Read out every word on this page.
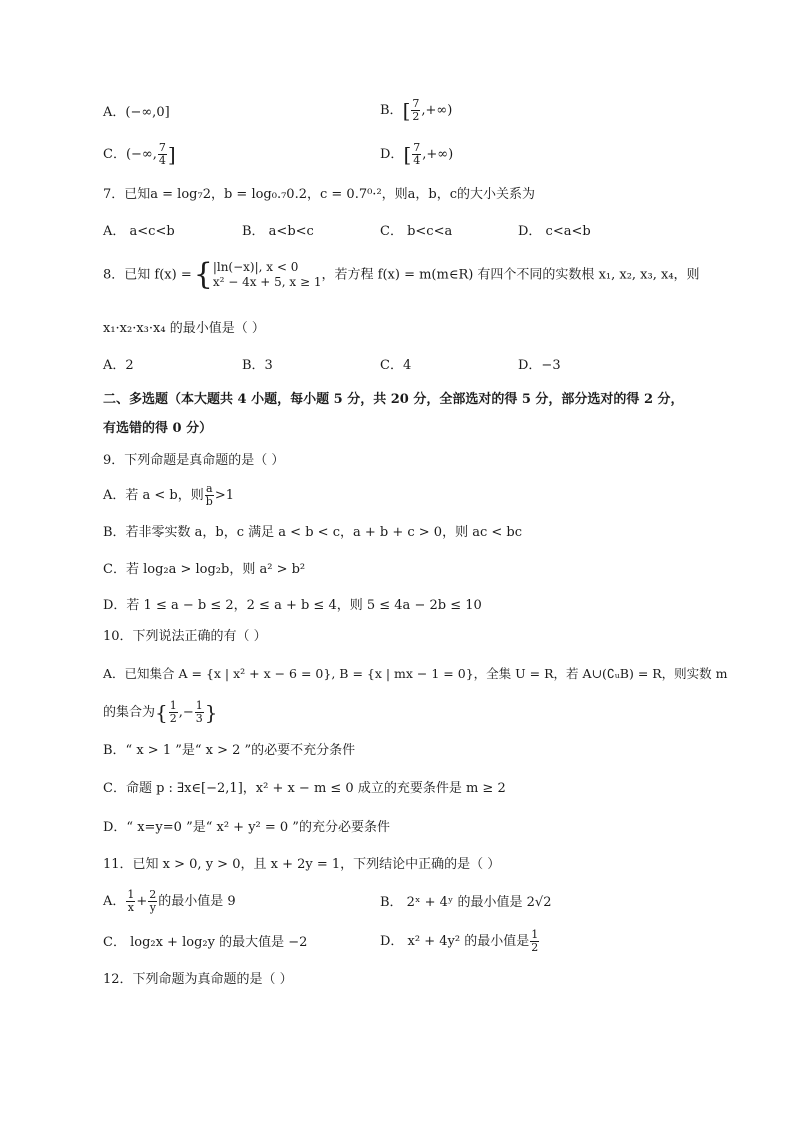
A．(−∞,0]	B．[ $\frac{7}{2}$ ,+∞)
C．(−∞, $\frac{7}{4}$ ]	D．[ $\frac{7}{4}$ ,+∞)
7．已知a = log₇2，b = log₀.₇0.2，c = 0.7⁰·²，则a，b，c的大小关系为
A． a<c<b	B． a<b<c	C． b<c<a	D． c<a<b
8．已知 f(x) ={ |ln(−x)|, x < 0
x² − 4x + 5, x ≥ 1 ，若方程 f(x) = m(m∈R) 有四个不同的实数根 x₁, x₂, x₃, x₄，则
x₁·x₂·x₃·x₄ 的最小值是（ ）
A．2	B．3	C．4	D．−3
二、多选题（本大题共 4 小题，每小题 5 分，共 20 分，全部选对的得 5 分，部分选对的得 2 分，
有选错的得 0 分）
9．下列命题是真命题的是（ ）
A．若 a < b，则 $\frac{a}{b} >1$
B．若非零实数 a，b，c 满足 a < b < c，a + b + c > 0，则 ac < bc
C．若 log₂a > log₂b，则 a² > b²
D．若 1 ≤ a − b ≤ 2，2 ≤ a + b ≤ 4，则 5 ≤ 4a − 2b ≤ 10
10．下列说法正确的有（ ）
A．已知集合 A = {x | x² + x − 6 = 0}, B = {x | mx − 1 = 0}，全集 U = R，若 A∪(∁ᵤB) = R，则实数 m
的集合为{ $\frac{1}{2}$ ,− $\frac{1}{3}$ }
B．“ x > 1 ”是“ x > 2 ”的必要不充分条件
C．命题 p : ∃x∈[−2,1]，x² + x − m ≤ 0 成立的充要条件是 m ≥ 2
D．“ x=y=0 ”是“ x² + y² = 0 ”的充分必要条件
11．已知 x > 0, y > 0，且 x + 2y = 1，下列结论中正确的是（ ）
A． $\frac{1}{x} + \frac{2}{y}$ 的最小值是 9	B． 2ˣ + 4ʸ 的最小值是 2√2
C． log₂x + log₂y 的最大值是 −2	D． x² + 4y² 的最小值是 $\frac{1}{2}$
12．下列命题为真命题的是（ ）
